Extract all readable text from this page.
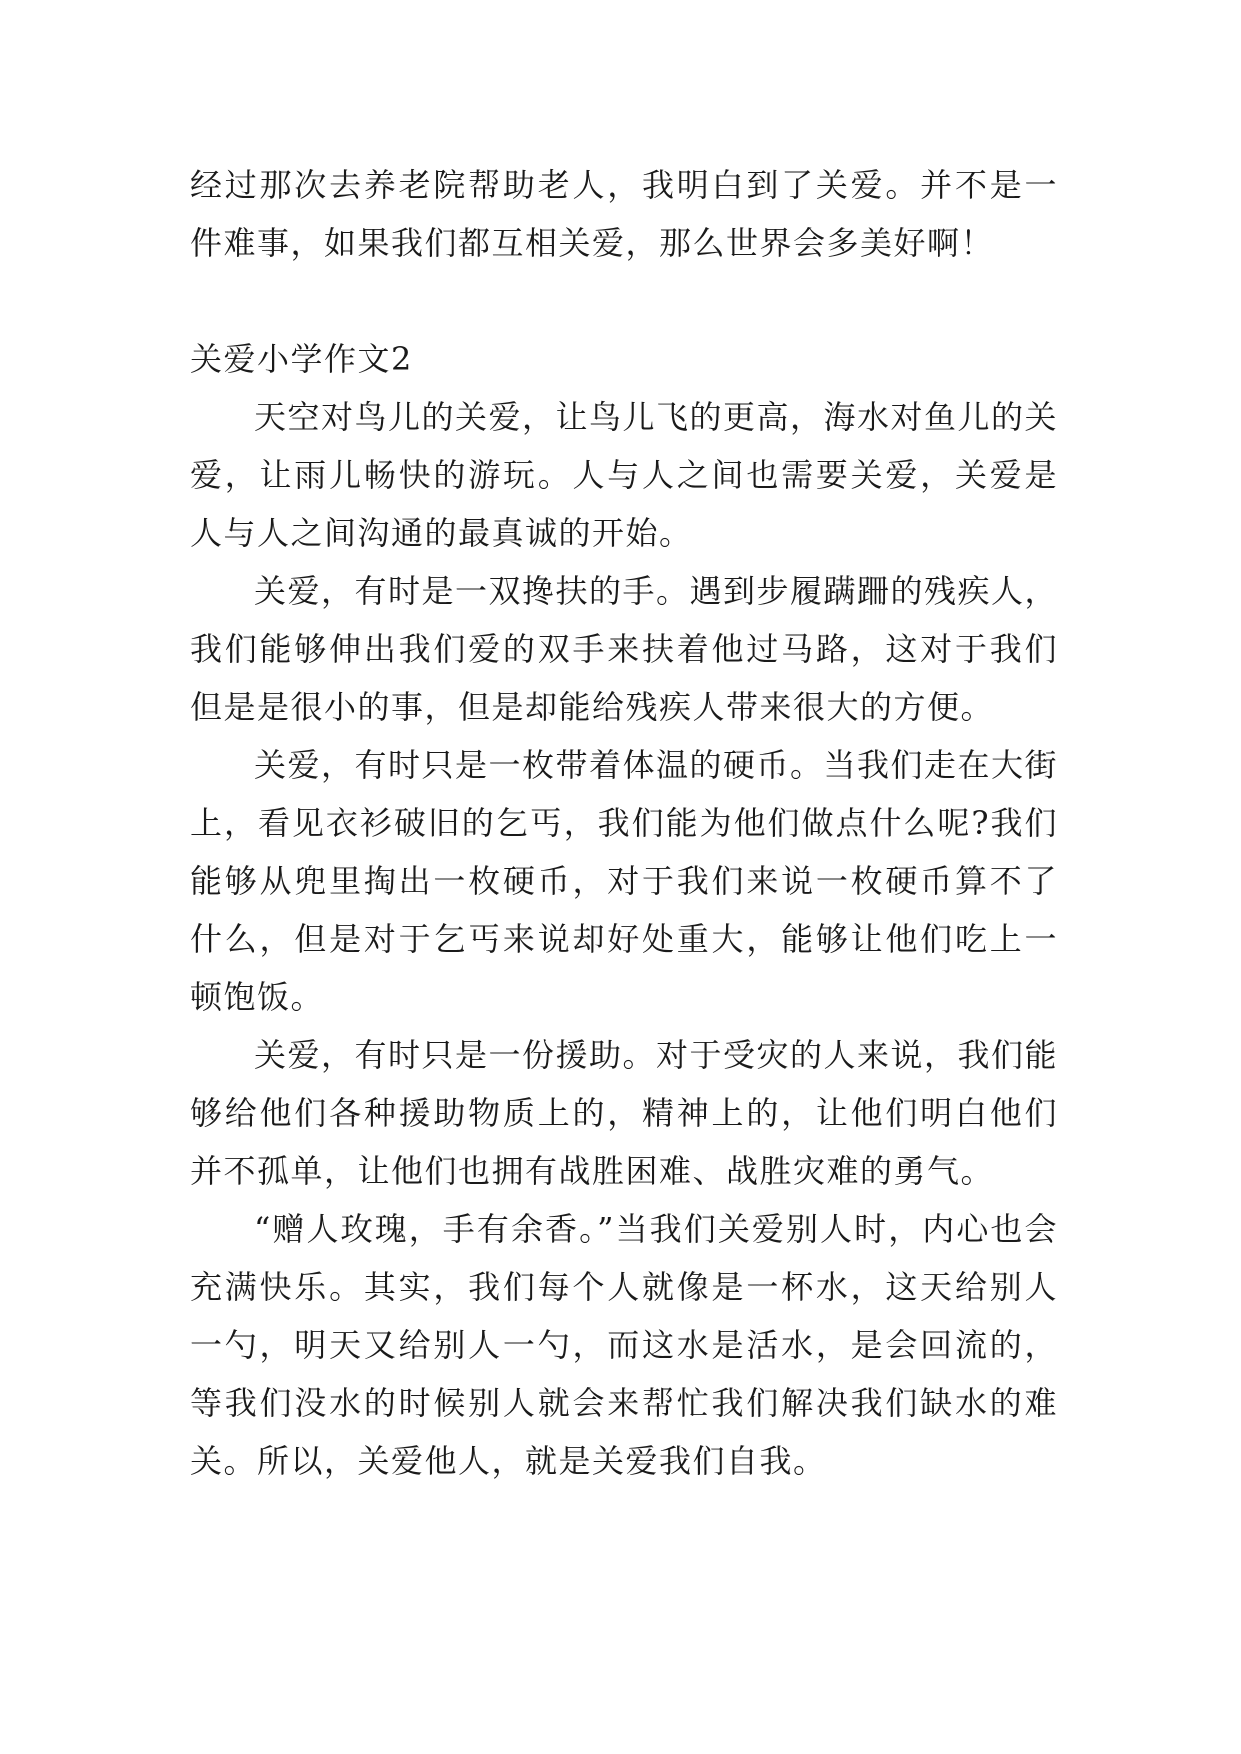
经过那次去养老院帮助老人，我明白到了关爱。并不是一件难事，如果我们都互相关爱，那么世界会多美好啊！

关爱小学作文2

天空对鸟儿的关爱，让鸟儿飞的更高，海水对鱼儿的关爱，让雨儿畅快的游玩。人与人之间也需要关爱，关爱是人与人之间沟通的最真诚的开始。

关爱，有时是一双搀扶的手。遇到步履蹒跚的残疾人，我们能够伸出我们爱的双手来扶着他过马路，这对于我们但是是很小的事，但是却能给残疾人带来很大的方便。

关爱，有时只是一枚带着体温的硬币。当我们走在大街上，看见衣衫破旧的乞丐，我们能为他们做点什么呢?我们能够从兜里掏出一枚硬币，对于我们来说一枚硬币算不了什么，但是对于乞丐来说却好处重大，能够让他们吃上一顿饱饭。

关爱，有时只是一份援助。对于受灾的人来说，我们能够给他们各种援助物质上的，精神上的，让他们明白他们并不孤单，让他们也拥有战胜困难、战胜灾难的勇气。

“赠人玫瑰，手有余香。”当我们关爱别人时，内心也会充满快乐。其实，我们每个人就像是一杯水，这天给别人一勺，明天又给别人一勺，而这水是活水，是会回流的，等我们没水的时候别人就会来帮忙我们解决我们缺水的难关。所以，关爱他人，就是关爱我们自我。
